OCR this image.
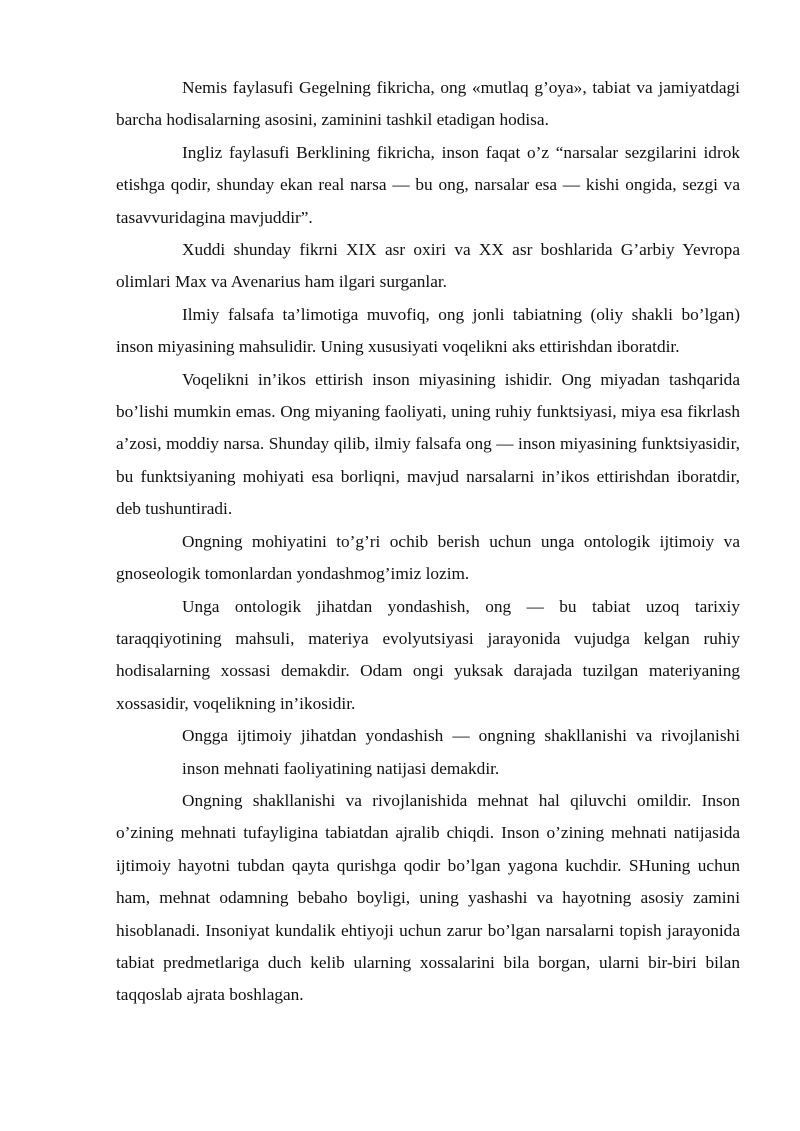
Nemis faylasufi Gegelning fikricha, ong «mutlaq g’oya», tabiat va jamiyatdagi barcha hodisalarning asosini, zaminini tashkil etadigan hodisa.

Ingliz faylasufi Berklining fikricha, inson faqat o’z “narsalar sezgilarini idrok etishga qodir, shunday ekan real narsa — bu ong, narsalar esa — kishi ongida, sezgi va tasavvuridagina mavjuddir”.

Xuddi shunday fikrni XIX asr oxiri va XX asr boshlarida G’arbiy Yevropa olimlari Max va Avenarius ham ilgari surganlar.

Ilmiy falsafa ta’limotiga muvofiq, ong jonli tabiatning (oliy shakli bo’lgan) inson miyasining mahsulidir. Uning xususiyati voqelikni aks ettirishdan iboratdir.

Voqelikni in’ikos ettirish inson miyasining ishidir. Ong miyadan tashqarida bo’lishi mumkin emas. Ong miyaning faoliyati, uning ruhiy funktsiyasi, miya esa fikrlash a’zosi, moddiy narsa. Shunday qilib, ilmiy falsafa ong — inson miyasining funktsiyasidir, bu funktsiyaning mohiyati esa borliqni, mavjud narsalarni in’ikos ettirishdan iboratdir, deb tushuntiradi.

Ongning mohiyatini to’g’ri ochib berish uchun unga ontologik ijtimoiy va gnoseologik tomonlardan yondashmog’imiz lozim.

Unga ontologik jihatdan yondashish, ong — bu tabiat uzoq tarixiy taraqqiyotining mahsuli, materiya evolyutsiyasi jarayonida vujudga kelgan ruhiy hodisalarning xossasi demakdir. Odam ongi yuksak darajada tuzilgan materiyaning xossasidir, voqelikning in’ikosidir.

Ongga ijtimoiy jihatdan yondashish — ongning shakllanishi va rivojlanishi inson mehnati faoliyatining natijasi demakdir.

Ongning shakllanishi va rivojlanishida mehnat hal qiluvchi omildir. Inson o’zining mehnati tufayligina tabiatdan ajralib chiqdi. Inson o’zining mehnati natijasida ijtimoiy hayotni tubdan qayta qurishga qodir bo’lgan yagona kuchdir. SHuning uchun ham, mehnat odamning bebaho boyligi, uning yashashi va hayotning asosiy zamini hisoblanadi. Insoniyat kundalik ehtiyoji uchun zarur bo’lgan narsalarni topish jarayonida tabiat predmetlariga duch kelib ularning xossalarini bila borgan, ularni bir-biri bilan taqqoslab ajrata boshlagan.
